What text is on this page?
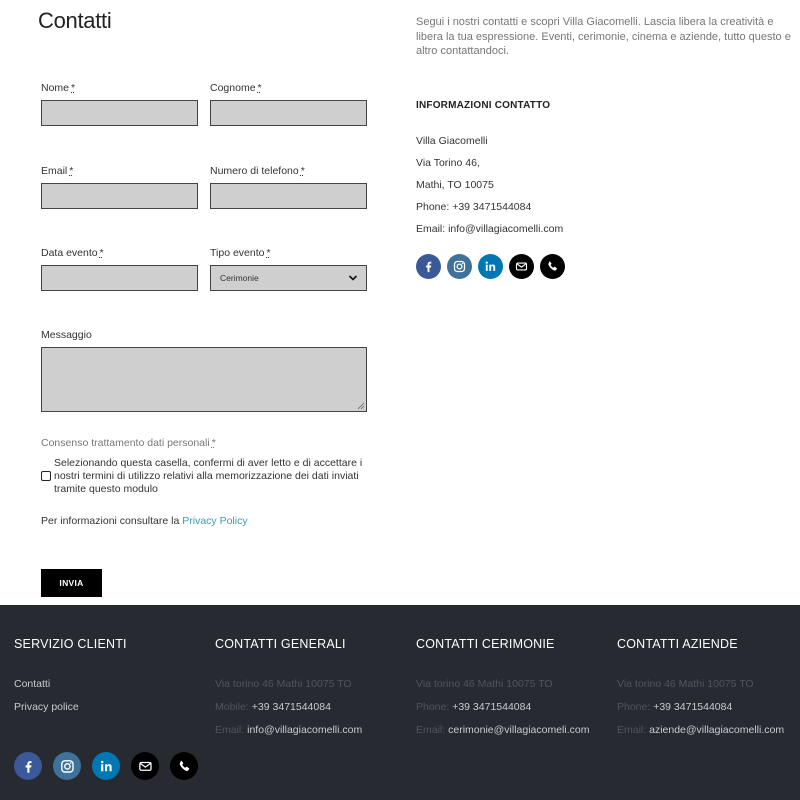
Contatti	Segui i nostri contatti e scopri Villa Giacomelli. Lascia libera la creatività e libera la tua espressione. Eventi, cerimonie, cinema e aziende, tutto questo e altro contattandoci.

Nome *	Cognome *
Email *	Numero di telefono *
Data evento *	Tipo evento *
Cerimonie
Messaggio
Consenso trattamento dati personali *
Selezionando questa casella, confermi di aver letto e di accettare i nostri termini di utilizzo relativi alla memorizzazione dei dati inviati tramite questo modulo
Per informazioni consultare la Privacy Policy
INVIA
INFORMAZIONI CONTATTO
Villa Giacomelli
Via Torino 46,
Mathi, TO 10075
Phone: +39 3471544084
Email: info@villagiacomelli.com
SERVIZIO CLIENTI
Contatti
Privacy police
CONTATTI GENERALI
Via torino 46 Mathi 10075 TO
Mobile: +39 3471544084
Email: info@villagiacomelli.com
CONTATTI CERIMONIE
Via torino 46 Mathi 10075 TO
Phone: +39 3471544084
Email: cerimonie@villagiacomeli.com
CONTATTI AZIENDE
Via torino 46 Mathi 10075 TO
Phone: +39 3471544084
Email: aziende@villagiacomelli.com
